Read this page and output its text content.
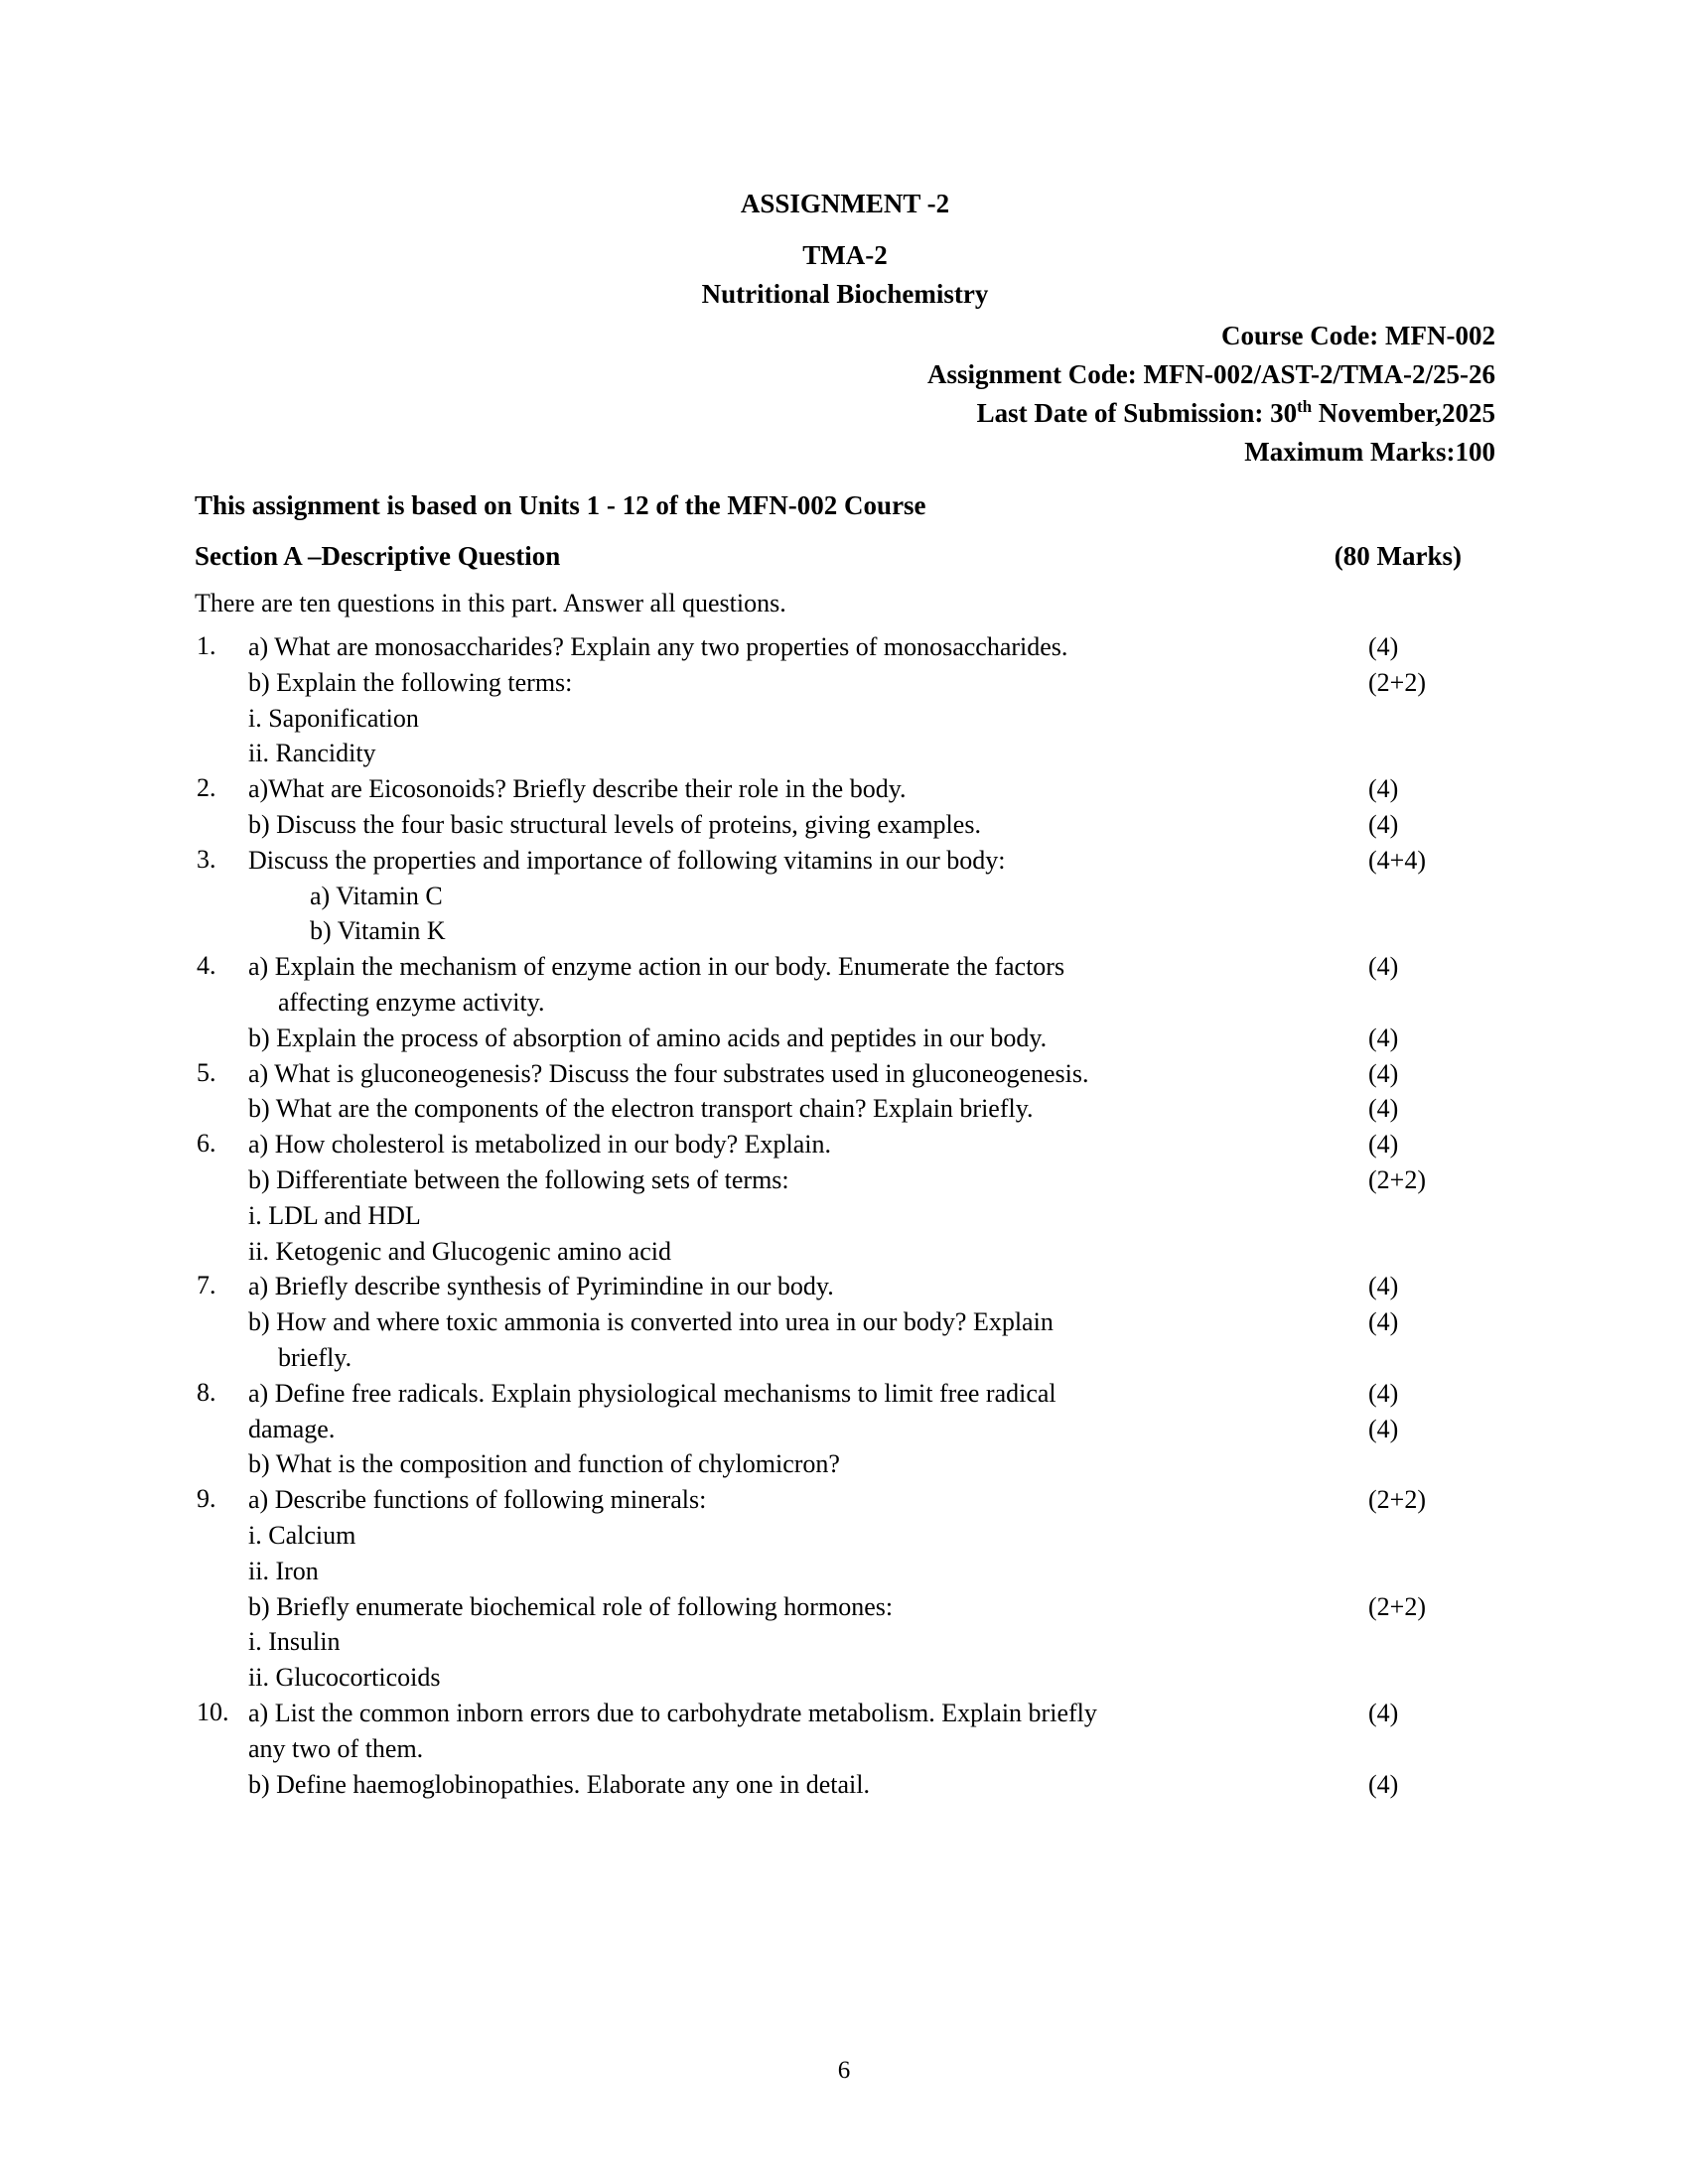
ASSIGNMENT -2
TMA-2
Nutritional Biochemistry
Course Code: MFN-002
Assignment Code: MFN-002/AST-2/TMA-2/25-26
Last Date of Submission: 30th November,2025
Maximum Marks:100
This assignment is based on Units 1 - 12 of the MFN-002 Course
Section A –Descriptive Question	(80 Marks)
There are ten questions in this part. Answer all questions.
1.	a) What are monosaccharides? Explain any two properties of monosaccharides.	(4)
b) Explain the following terms:	(2+2)
i. Saponification
ii. Rancidity
2.	a)What are Eicosonoids? Briefly describe their role in the body.	(4)
b) Discuss the four basic structural levels of proteins, giving examples.	(4)
3.	Discuss the properties and importance of following vitamins in our body:	(4+4)
a) Vitamin C
b) Vitamin K
4.	a) Explain the mechanism of enzyme action in our body. Enumerate the factors	(4)
affecting enzyme activity.
b) Explain the process of absorption of amino acids and peptides in our body.	(4)
5.	a) What is gluconeogenesis? Discuss the four substrates used in gluconeogenesis.	(4)
b) What are the components of the electron transport chain? Explain briefly.	(4)
6.	a) How cholesterol is metabolized in our body? Explain.	(4)
b) Differentiate between the following sets of terms:	(2+2)
i. LDL and HDL
ii. Ketogenic and Glucogenic amino acid
7.	a) Briefly describe synthesis of Pyrimindine in our body.	(4)
b) How and where toxic ammonia is converted into urea in our body? Explain	(4)
briefly.
8.	a) Define free radicals. Explain physiological mechanisms to limit free radical	(4)
damage.	(4)
b) What is the composition and function of chylomicron?
9.	a) Describe functions of following minerals:	(2+2)
i. Calcium
ii. Iron
b) Briefly enumerate biochemical role of following hormones:	(2+2)
i. Insulin
ii. Glucocorticoids
10. a) List the common inborn errors due to carbohydrate metabolism. Explain briefly	(4)
any two of them.
b) Define haemoglobinopathies. Elaborate any one in detail.	(4)
6
